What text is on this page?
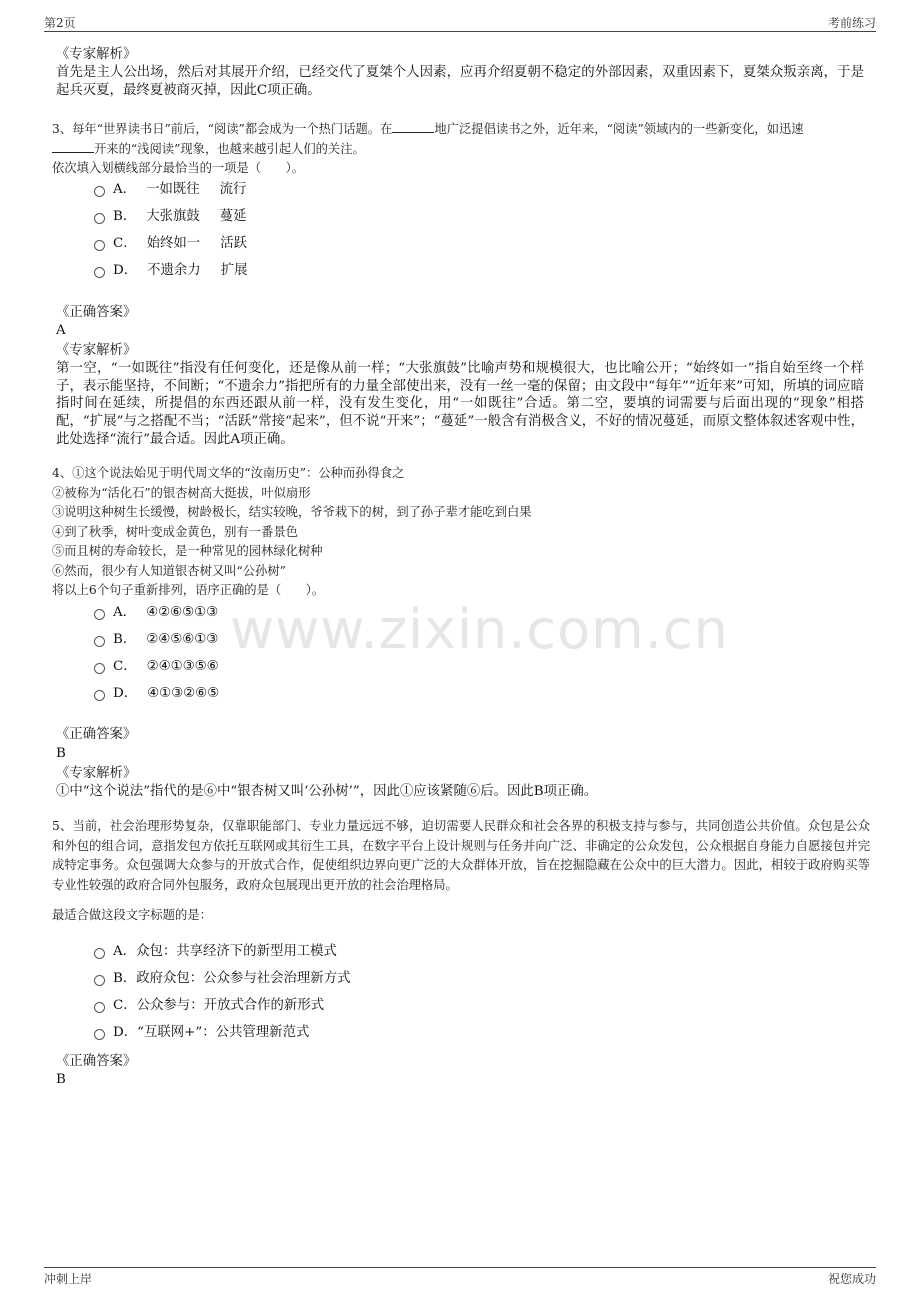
第2页	考前练习
www.zixin.com.cn
《专家解析》
首先是主人公出场，然后对其展开介绍，已经交代了夏桀个人因素，应再介绍夏朝不稳定的外部因素，双重因素下，夏桀众叛亲离，于是起兵灭夏，最终夏被商灭掉，因此C项正确。
3、每年“世界读书日”前后，“阅读”都会成为一个热门话题。在	地广泛提倡读书之外，近年来，“阅读”领域内的一些新变化，如迅速
开来的“浅阅读”现象，也越来越引起人们的关注。
依次填入划横线部分最恰当的一项是（　　）。
A． 一如既往 流行
B． 大张旗鼓 蔓延
C． 始终如一 活跃
D． 不遗余力 扩展
《正确答案》
A
《专家解析》
第一空，“一如既往”指没有任何变化，还是像从前一样；“大张旗鼓”比喻声势和规模很大，也比喻公开；“始终如一”指自始至终一个样子，表示能坚持，不间断；“不遗余力”指把所有的力量全部使出来，没有一丝一毫的保留；由文段中“每年”“近年来”可知，所填的词应暗指时间在延续，所提倡的东西还跟从前一样，没有发生变化，用“一如既往”合适。第二空，要填的词需要与后面出现的“现象”相搭配，“扩展”与之搭配不当；“活跃”常接“起来”，但不说“开来”；“蔓延”一般含有消极含义，不好的情况蔓延，而原文整体叙述客观中性，此处选择“流行”最合适。因此A项正确。
4、①这个说法始见于明代周文华的“汝南历史”：公种而孙得食之
②被称为“活化石”的银杏树高大挺拔，叶似扇形
③说明这种树生长缓慢，树龄极长，结实较晚，爷爷栽下的树，到了孙子辈才能吃到白果
④到了秋季，树叶变成金黄色，别有一番景色
⑤而且树的寿命较长，是一种常见的园林绿化树种
⑥然而，很少有人知道银杏树又叫“公孙树”
将以上6个句子重新排列，语序正确的是（　　）。
A． ④②⑥⑤①③
B． ②④⑤⑥①③
C． ②④①③⑤⑥
D． ④①③②⑥⑤
《正确答案》
B
《专家解析》
①中“这个说法”指代的是⑥中“银杏树又叫‘公孙树’”，因此①应该紧随⑥后。因此B项正确。
5、当前，社会治理形势复杂，仅靠职能部门、专业力量远远不够，迫切需要人民群众和社会各界的积极支持与参与，共同创造公共价值。众包是公众和外包的组合词，意指发包方依托互联网或其衍生工具，在数字平台上设计规则与任务并向广泛、非确定的公众发包，公众根据自身能力自愿接包并完成特定事务。众包强调大众参与的开放式合作，促使组织边界向更广泛的大众群体开放，旨在挖掘隐藏在公众中的巨大潜力。因此，相较于政府购买等专业性较强的政府合同外包服务，政府众包展现出更开放的社会治理格局。
最适合做这段文字标题的是：
A．众包：共享经济下的新型用工模式
B．政府众包：公众参与社会治理新方式
C．公众参与：开放式合作的新形式
D．“互联网+”：公共管理新范式
《正确答案》
B
冲刺上岸	祝您成功
